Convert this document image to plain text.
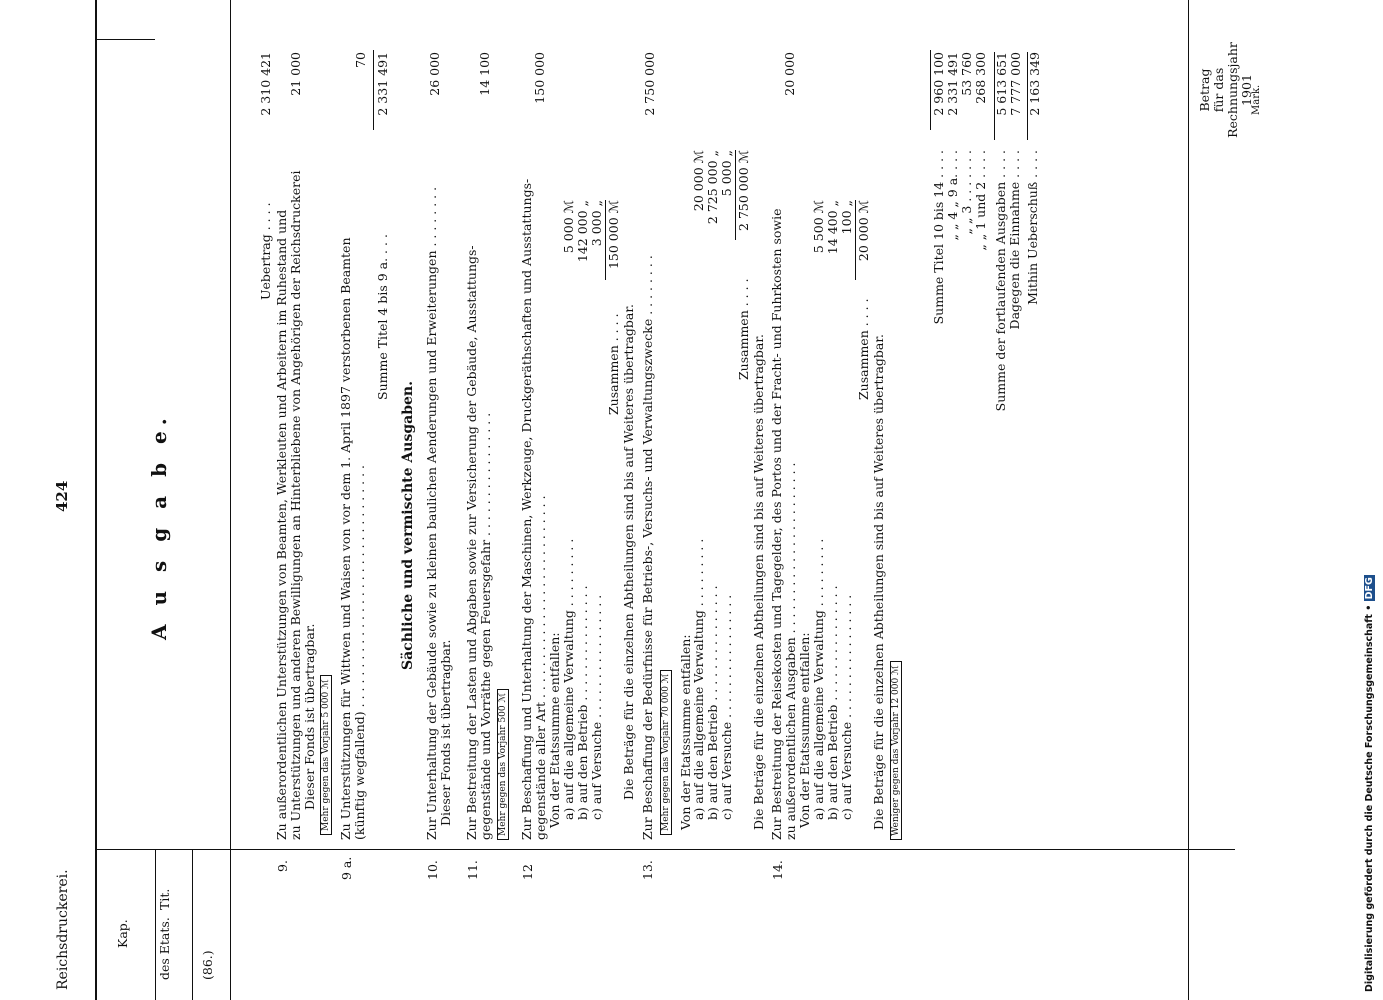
Reichsdruckerei.
424
Kap.
Tit.
des Etats.
A u s g a b e.
Betrag für das Rechnungsjahr 1901
Mark.
(86.)
Uebertrag . . . .
2 310 421
9.
Zu außerordentlichen Unterstützungen von Beamten, Werkleuten und Arbeitern im Ruhestand und zu Unterstützungen und anderen Bewilligungen an Hinterbliebene von Angehörigen der Reichsdruckerei Dieser Fonds ist übertragbar. Mehr gegen das Vorjahr 5 000 ℳ
21 000
9 a.
Zu Unterstützungen für Wittwen und Waisen von vor dem 1. April 1897 verstorbenen Beamten (künftig wegfallend) . . . . . . . . . . . . . . . . . . . . . . . . . . . . . . .
70
Summe Titel 4 bis 9 a. . . .
2 331 491
Sächliche und vermischte Ausgaben.
10.
Zur Unterhaltung der Gebäude sowie zu kleinen baulichen Aenderungen und Erweiterungen . . . . . . . . Dieser Fonds ist übertragbar.
26 000
11.
Zur Bestreitung der Lasten und Abgaben sowie zur Versicherung der Gebäude, Ausstattungs- gegenstände und Vorräthe gegen Feuersgefahr . . . . . . . . . . . . . . . . Mehr gegen das Vorjahr 500 ℳ
14 100
12
Zur Beschaffung und Unterhaltung der Maschinen, Werkzeuge, Druckgeräthschaften und Ausstattungs- gegenstände aller Art . . . . . . . . . . . . . . . . . . . . . . . . . . Von der Etatssumme entfallen: a) auf die allgemeine Verwaltung . . . . . . . . . b) auf den Betrieb . . . . . . . . . . . . . . . c) auf Versuche . . . . . . . . . . . . . . . .
5 000 ℳ 142 000 „ 3 000 „
Zusammen . . . .
150 000 ℳ
Die Beträge für die einzelnen Abtheilungen sind bis auf Weiteres übertragbar.
150 000
13.
Zur Beschaffung der Bedürfnisse für Betriebs-, Versuchs- und Verwaltungszwecke . . . . . . . . Mehr gegen das Vorjahr 70 000 ℳ Von der Etatssumme entfallen:
a) auf die allgemeine Verwaltung . . . . . . . . . b) auf den Betrieb . . . . . . . . . . . . . . . c) auf Versuche . . . . . . . . . . . . . . . .
20 000 ℳ 2 725 000 „ 5 000 „
Zusammen . . . .
2 750 000 ℳ
Die Beträge für die einzelnen Abtheilungen sind bis auf Weiteres übertragbar.
2 750 000
14.
Zur Bestreitung der Reisekosten und Tagegelder, des Portos und der Fracht- und Fuhrkosten sowie zu außerordentlichen Ausgaben . . . . . . . . . . . . . . . . . . . . . . Von der Etatssumme entfallen: a) auf die allgemeine Verwaltung . . . . . . . . . b) auf den Betrieb . . . . . . . . . . . . . . . c) auf Versuche . . . . . . . . . . . . . . . .
5 500 ℳ 14 400 „ 100 „
Zusammen . . . .
20 000 ℳ
Die Beträge für die einzelnen Abtheilungen sind bis auf Weiteres übertragbar. Weniger gegen das Vorjahr 12 000 ℳ
20 000
Summe Titel 10 bis 14 . . . . „ „ 4 „ 9 a. . . . „ „ 3 . . . . . . . „ „ 1 und 2 . . . . Summe der fortlaufenden Ausgaben . . . . Dagegen die Einnahme . . . . Mithin Ueberschuß . . . .
2 960 100 2 331 491 53 760 268 300 5 613 651 7 777 000 2 163 349
Digitalisierung gefördert durch die Deutsche Forschungsgemeinschaft • DFG
